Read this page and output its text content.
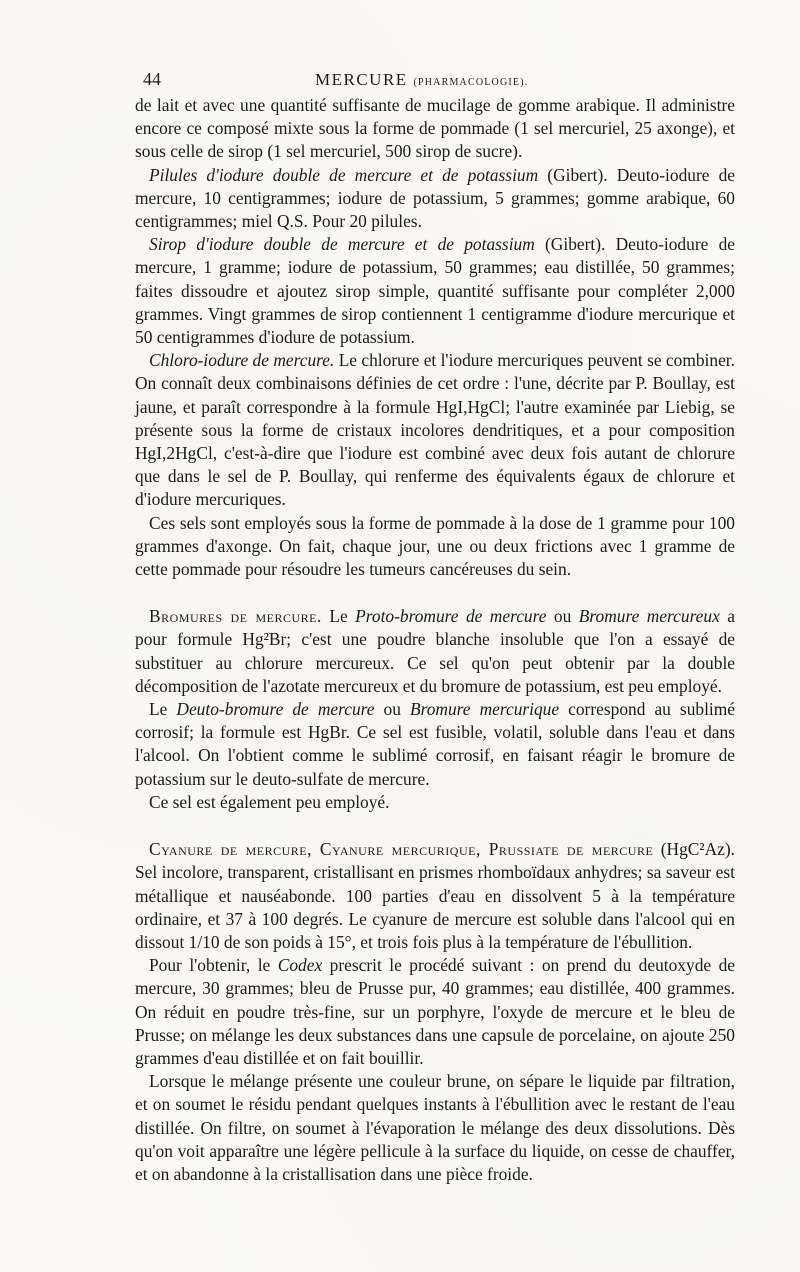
44	MERCURE (PHARMACOLOGIE).

de lait et avec une quantité suffisante de mucilage de gomme arabique. Il administre encore ce composé mixte sous la forme de pommade (1 sel mercuriel, 25 axonge), et sous celle de sirop (1 sel mercuriel, 500 sirop de sucre).

Pilules d'iodure double de mercure et de potassium (Gibert). Deuto-iodure de mercure, 10 centigrammes; iodure de potassium, 5 grammes; gomme arabique, 60 centigrammes; miel Q.S. Pour 20 pilules.

Sirop d'iodure double de mercure et de potassium (Gibert). Deuto-iodure de mercure, 1 gramme; iodure de potassium, 50 grammes; eau distillée, 50 grammes; faites dissoudre et ajoutez sirop simple, quantité suffisante pour compléter 2,000 grammes. Vingt grammes de sirop contiennent 1 centigramme d'iodure mercurique et 50 centigrammes d'iodure de potassium.

Chloro-iodure de mercure. Le chlorure et l'iodure mercuriques peuvent se combiner. On connaît deux combinaisons définies de cet ordre : l'une, décrite par P. Boullay, est jaune, et paraît correspondre à la formule HgI,HgCl; l'autre examinée par Liebig, se présente sous la forme de cristaux incolores dendritiques, et a pour composition HgI,2HgCl, c'est-à-dire que l'iodure est combiné avec deux fois autant de chlorure que dans le sel de P. Boullay, qui renferme des équivalents égaux de chlorure et d'iodure mercuriques.

Ces sels sont employés sous la forme de pommade à la dose de 1 gramme pour 100 grammes d'axonge. On fait, chaque jour, une ou deux frictions avec 1 gramme de cette pommade pour résoudre les tumeurs cancéreuses du sein.

Bromures de mercure. Le Proto-bromure de mercure ou Bromure mercureux a pour formule Hg²Br; c'est une poudre blanche insoluble que l'on a essayé de substituer au chlorure mercureux. Ce sel qu'on peut obtenir par la double décomposition de l'azotate mercureux et du bromure de potassium, est peu employé.

Le Deuto-bromure de mercure ou Bromure mercurique correspond au sublimé corrosif; la formule est HgBr. Ce sel est fusible, volatil, soluble dans l'eau et dans l'alcool. On l'obtient comme le sublimé corrosif, en faisant réagir le bromure de potassium sur le deuto-sulfate de mercure.

Ce sel est également peu employé.

Cyanure de mercure, Cyanure mercurique, Prussiate de mercure (HgC²Az). Sel incolore, transparent, cristallisant en prismes rhomboïdaux anhydres; sa saveur est métallique et nauséabonde. 100 parties d'eau en dissolvent 5 à la température ordinaire, et 37 à 100 degrés. Le cyanure de mercure est soluble dans l'alcool qui en dissout 1/10 de son poids à 15°, et trois fois plus à la température de l'ébullition.

Pour l'obtenir, le Codex prescrit le procédé suivant : on prend du deutoxyde de mercure, 30 grammes; bleu de Prusse pur, 40 grammes; eau distillée, 400 grammes. On réduit en poudre très-fine, sur un porphyre, l'oxyde de mercure et le bleu de Prusse; on mélange les deux substances dans une capsule de porcelaine, on ajoute 250 grammes d'eau distillée et on fait bouillir.

Lorsque le mélange présente une couleur brune, on sépare le liquide par filtration, et on soumet le résidu pendant quelques instants à l'ébullition avec le restant de l'eau distillée. On filtre, on soumet à l'évaporation le mélange des deux dissolutions. Dès qu'on voit apparaître une légère pellicule à la surface du liquide, on cesse de chauffer, et on abandonne à la cristallisation dans une pièce froide.
